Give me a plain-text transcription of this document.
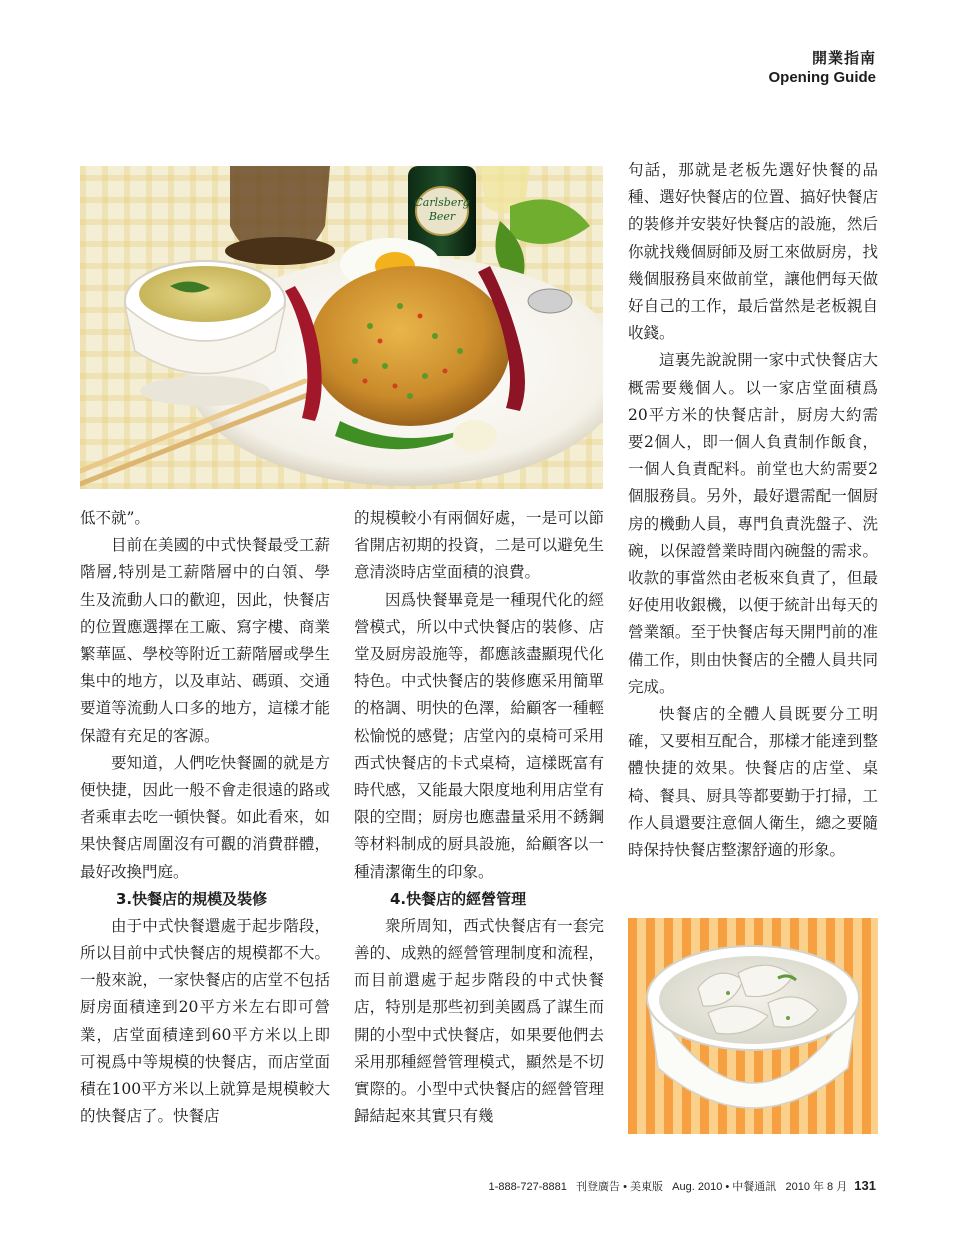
開業指南
Opening Guide
Carlsberg
Beer

低不就”。

目前在美國的中式快餐最受工薪階層,特別是工薪階層中的白領、學生及流動人口的歡迎，因此，快餐店的位置應選擇在工廠、寫字樓、商業繁華區、學校等附近工薪階層或學生集中的地方，以及車站、碼頭、交通要道等流動人口多的地方，這樣才能保證有充足的客源。

要知道，人們吃快餐圖的就是方便快捷，因此一般不會走很遠的路或者乘車去吃一頓快餐。如此看來，如果快餐店周圍沒有可觀的消費群體，最好改換門庭。

3.快餐店的規模及裝修

由于中式快餐還處于起步階段，所以目前中式快餐店的規模都不大。一般來說，一家快餐店的店堂不包括厨房面積達到20平方米左右即可營業，店堂面積達到60平方米以上即可視爲中等規模的快餐店，而店堂面積在100平方米以上就算是規模較大的快餐店了。快餐店

的規模較小有兩個好處，一是可以節省開店初期的投資，二是可以避免生意清淡時店堂面積的浪費。

因爲快餐畢竟是一種現代化的經營模式，所以中式快餐店的裝修、店堂及厨房設施等，都應該盡顯現代化特色。中式快餐店的裝修應采用簡單的格調、明快的色澤，給顧客一種輕松愉悦的感覺；店堂內的桌椅可采用西式快餐店的卡式桌椅，這樣既富有時代感，又能最大限度地利用店堂有限的空間；厨房也應盡量采用不銹鋼等材料制成的厨具設施，給顧客以一種清潔衛生的印象。

4.快餐店的經營管理

衆所周知，西式快餐店有一套完善的、成熟的經營管理制度和流程，而目前還處于起步階段的中式快餐店，特別是那些初到美國爲了謀生而開的小型中式快餐店，如果要他們去采用那種經營管理模式，顯然是不切實際的。小型中式快餐店的經營管理歸結起來其實只有幾

句話，那就是老板先選好快餐的品種、選好快餐店的位置、搞好快餐店的裝修并安裝好快餐店的設施，然后你就找幾個厨師及厨工來做厨房，找幾個服務員來做前堂，讓他們每天做好自己的工作，最后當然是老板親自收錢。

這裏先說說開一家中式快餐店大概需要幾個人。以一家店堂面積爲20平方米的快餐店計，厨房大約需要2個人，即一個人負責制作飯食，一個人負責配料。前堂也大約需要2個服務員。另外，最好還需配一個厨房的機動人員，專門負責洗盤子、洗碗，以保證營業時間內碗盤的需求。收款的事當然由老板來負責了，但最好使用收銀機，以便于統計出每天的營業額。至于快餐店每天開門前的准備工作，則由快餐店的全體人員共同完成。

快餐店的全體人員既要分工明確，又要相互配合，那樣才能達到整體快捷的效果。快餐店的店堂、桌椅、餐具、厨具等都要勤于打掃，工作人員還要注意個人衛生，總之要隨時保持快餐店整潔舒適的形象。

1-888-727-8881 刊登廣告 • 美東版 Aug. 2010 • 中餐通訊 2010 年 8 月 131
